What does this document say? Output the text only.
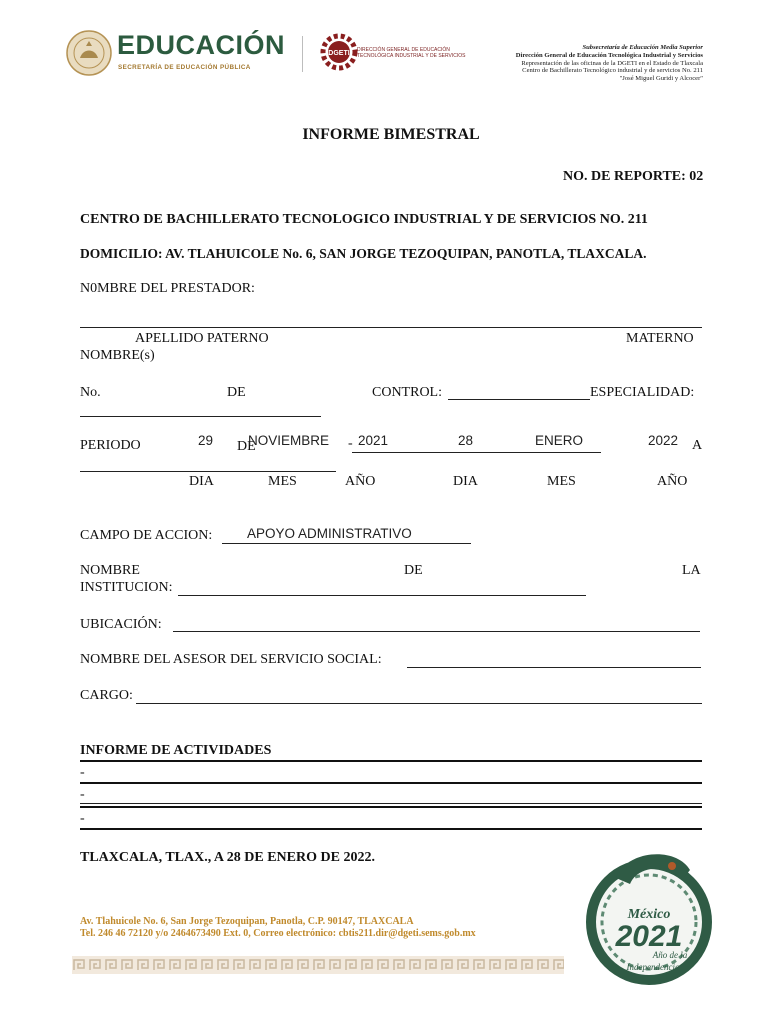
EDUCACIÓN
SECRETARÍA DE EDUCACIÓN PÚBLICA
DGETI DIRECCIÓN GENERAL DE EDUCACIÓN
TECNOLÓGICA INDUSTRIAL Y DE SERVICIOS
Subsecretaría de Educación Media Superior
Dirección General de Educación Tecnológica Industrial y Servicios
Representación de las oficinas de la DGETI en el Estado de Tlaxcala
Centro de Bachillerato Tecnológico industrial y de servicios No. 211
"José Miguel Guridi y Alcocer"
INFORME BIMESTRAL
NO. DE REPORTE: 02
CENTRO DE BACHILLERATO TECNOLOGICO INDUSTRIAL Y DE SERVICIOS NO. 211
DOMICILIO: AV. TLAHUICOLE No. 6, SAN JORGE TEZOQUIPAN, PANOTLA, TLAXCALA.
N0MBRE DEL PRESTADOR:
APELLIDO PATERNO	MATERNO
NOMBRE(s)
No.	DE	CONTROL:	ESPECIALIDAD:
PERIODO	29 DE
NOVIEMBRE - 2021	28	ENERO	2022 A
DIA	MES	AÑO	DIA	MES	AÑO
CAMPO DE ACCION:	APOYO ADMINISTRATIVO
NOMBRE	DE	LA
INSTITUCION:
UBICACIÓN:
NOMBRE DEL ASESOR DEL SERVICIO SOCIAL:
CARGO:
INFORME DE ACTIVIDADES
-
-
-
TLAXCALA, TLAX., A 28 DE ENERO DE 2022.
Av. Tlahuicole No. 6, San Jorge Tezoquipan, Panotla, C.P. 90147, TLAXCALA
Tel. 246 46 72120 y/o 2464673490 Ext. 0, Correo electrónico: cbtis211.dir@dgeti.sems.gob.mx
México
2021
Año de la
Independencia
